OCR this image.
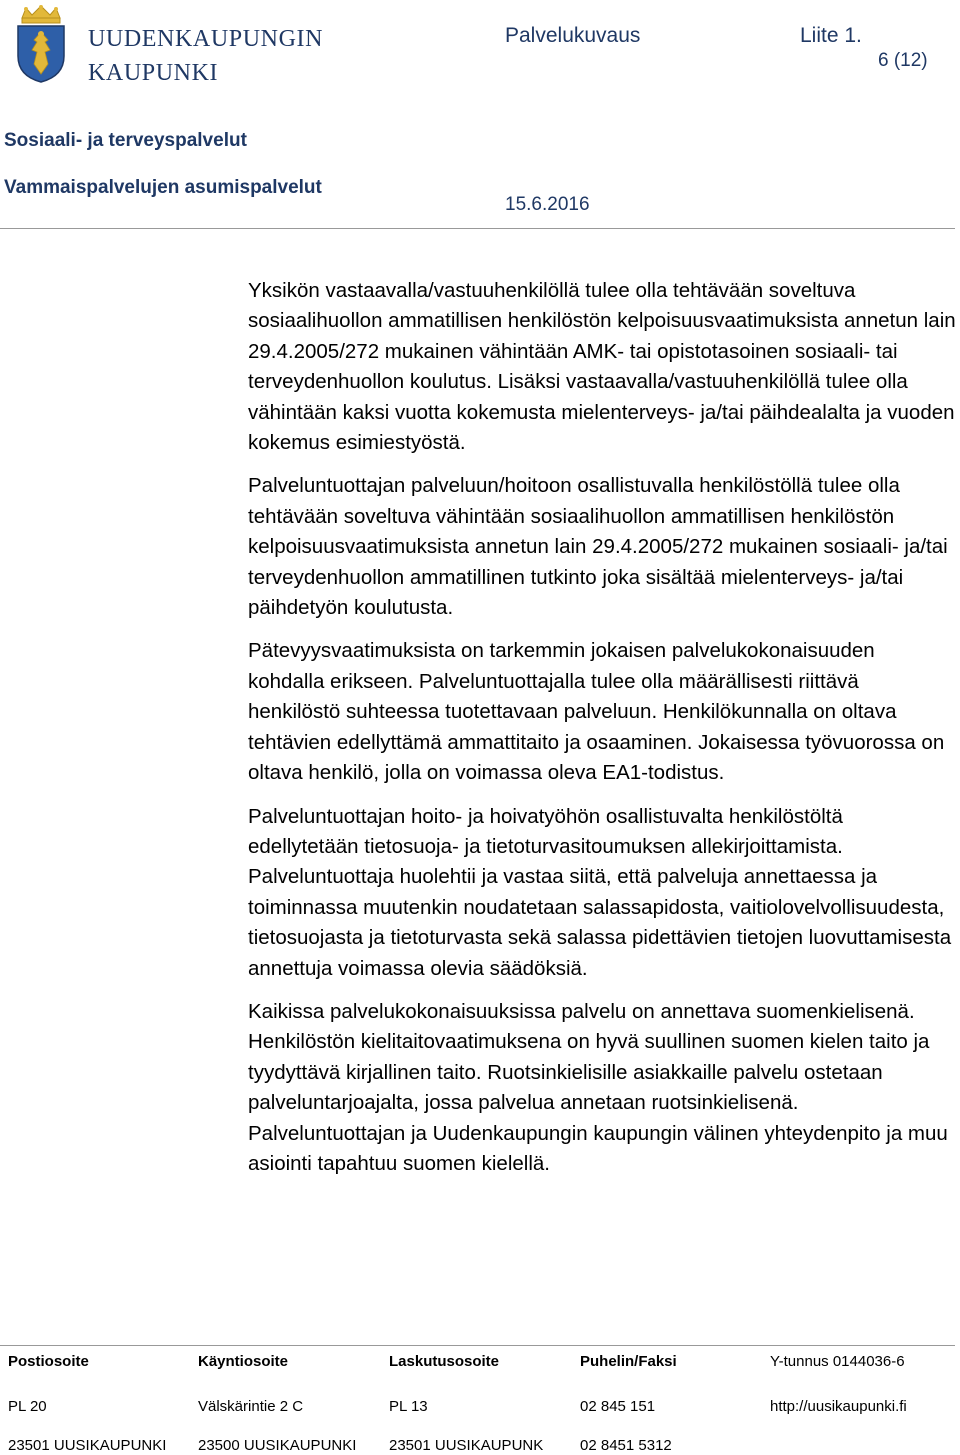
UUDENKAUPUNGIN
KAUPUNKI
Palvelukuvaus	Liite 1.
6 (12)
Sosiaali- ja terveyspalvelut
Vammaispalvelujen asumispalvelut
15.6.2016

Yksikön vastaavalla/vastuuhenkilöllä tulee olla tehtävään soveltuva sosiaalihuollon ammatillisen henkilöstön kelpoisuusvaatimuksista annetun lain 29.4.2005/272 mukainen vähintään AMK- tai opistotasoinen sosiaali- tai terveydenhuollon koulutus. Lisäksi vastaavalla/vastuuhenkilöllä tulee olla vähintään kaksi vuotta kokemusta mielenterveys- ja/tai päihdealalta ja vuoden kokemus esimiestyöstä.

Palveluntuottajan palveluun/hoitoon osallistuvalla henkilöstöllä tulee olla tehtävään soveltuva vähintään sosiaalihuollon ammatillisen henkilöstön kelpoisuusvaatimuksista annetun lain 29.4.2005/272 mukainen sosiaali- ja/tai terveydenhuollon ammatillinen tutkinto joka sisältää mielenterveys- ja/tai päihdetyön koulutusta.

Pätevyysvaatimuksista on tarkemmin jokaisen palvelukokonaisuuden kohdalla erikseen. Palveluntuottajalla tulee olla määrällisesti riittävä henkilöstö suhteessa tuotettavaan palveluun. Henkilökunnalla on oltava tehtävien edellyttämä ammattitaito ja osaaminen. Jokaisessa työvuorossa on oltava henkilö, jolla on voimassa oleva EA1-todistus.

Palveluntuottajan hoito- ja hoivatyöhön osallistuvalta henkilöstöltä edellytetään tietosuoja- ja tietoturvasitoumuksen allekirjoittamista. Palveluntuottaja huolehtii ja vastaa siitä, että palveluja annettaessa ja toiminnassa muutenkin noudatetaan salassapidosta, vaitiolovelvollisuudesta, tietosuojasta ja tietoturvasta sekä salassa pidettävien tietojen luovuttamisesta annettuja voimassa olevia säädöksiä.

Kaikissa palvelukokonaisuuksissa palvelu on annettava suomenkielisenä. Henkilöstön kielitaitovaatimuksena on hyvä suullinen suomen kielen taito ja tyydyttävä kirjallinen taito. Ruotsinkielisille asiakkaille palvelu ostetaan palveluntarjoajalta, jossa palvelua annetaan ruotsinkielisenä. Palveluntuottajan ja Uudenkaupungin kaupungin välinen yhteydenpito ja muu asiointi tapahtuu suomen kielellä.

Postiosoite	Käyntiosoite	Laskutusosoite	Puhelin/Faksi	Y-tunnus 0144036-6
PL 20	Välskärintie 2 C	PL 13	02 845 151	http://uusikaupunki.fi
23501 UUSIKAUPUNKI 23500 UUSIKAUPUNKI 23501 UUSIKAUPUNK 02 8451 5312
